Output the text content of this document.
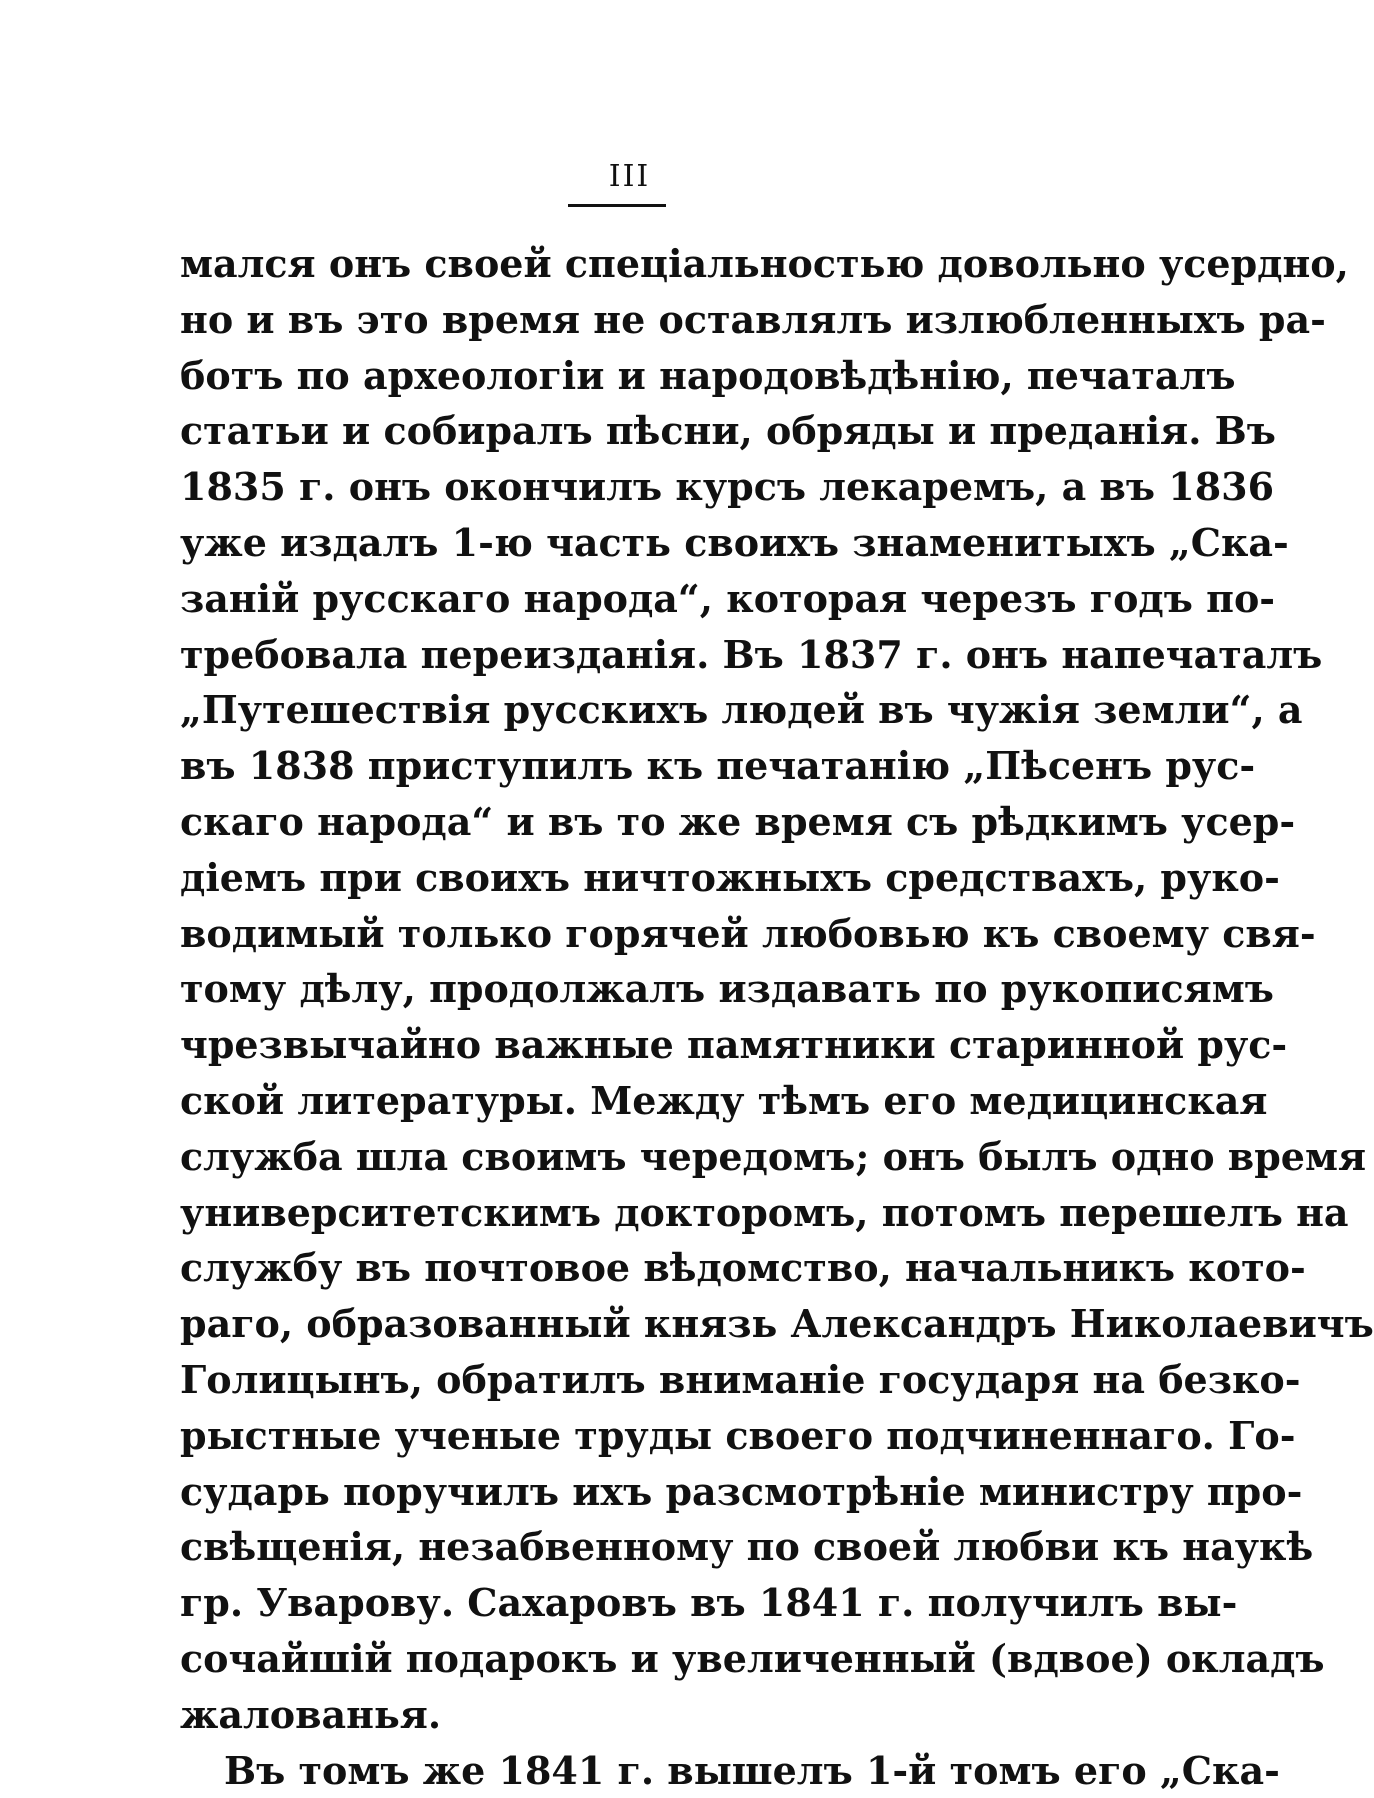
III
мался онъ своей спеціальностью довольно усердно,
но и въ это время не оставлялъ излюбленныхъ ра-
ботъ по археологіи и народовѣдѣнію, печаталъ
статьи и собиралъ пѣсни, обряды и преданія. Въ
1835 г. онъ окончилъ курсъ лекаремъ, а въ 1836
уже издалъ 1-ю часть своихъ знаменитыхъ „Ска-
заній русскаго народа“, которая черезъ годъ по-
требовала переизданія. Въ 1837 г. онъ напечаталъ
„Путешествія русскихъ людей въ чужія земли“, а
въ 1838 приступилъ къ печатанію „Пѣсенъ рус-
скаго народа“ и въ то же время съ рѣдкимъ усер-
діемъ при своихъ ничтожныхъ средствахъ, руко-
водимый только горячей любовью къ своему свя-
тому дѣлу, продолжалъ издавать по рукописямъ
чрезвычайно важные памятники старинной рус-
ской литературы. Между тѣмъ его медицинская
служба шла своимъ чередомъ; онъ былъ одно время
университетскимъ докторомъ, потомъ перешелъ на
службу въ почтовое вѣдомство, начальникъ кото-
раго, образованный князь Александръ Николаевичъ
Голицынъ, обратилъ вниманіе государя на безко-
рыстные ученые труды своего подчиненнаго. Го-
сударь поручилъ ихъ разсмотрѣніе министру про-
свѣщенія, незабвенному по своей любви къ наукѣ
гр. Уварову. Сахаровъ въ 1841 г. получилъ вы-
сочайшій подарокъ и увеличенный (вдвое) окладъ
жалованья.
Въ томъ же 1841 г. вышелъ 1-й томъ его „Ска-
